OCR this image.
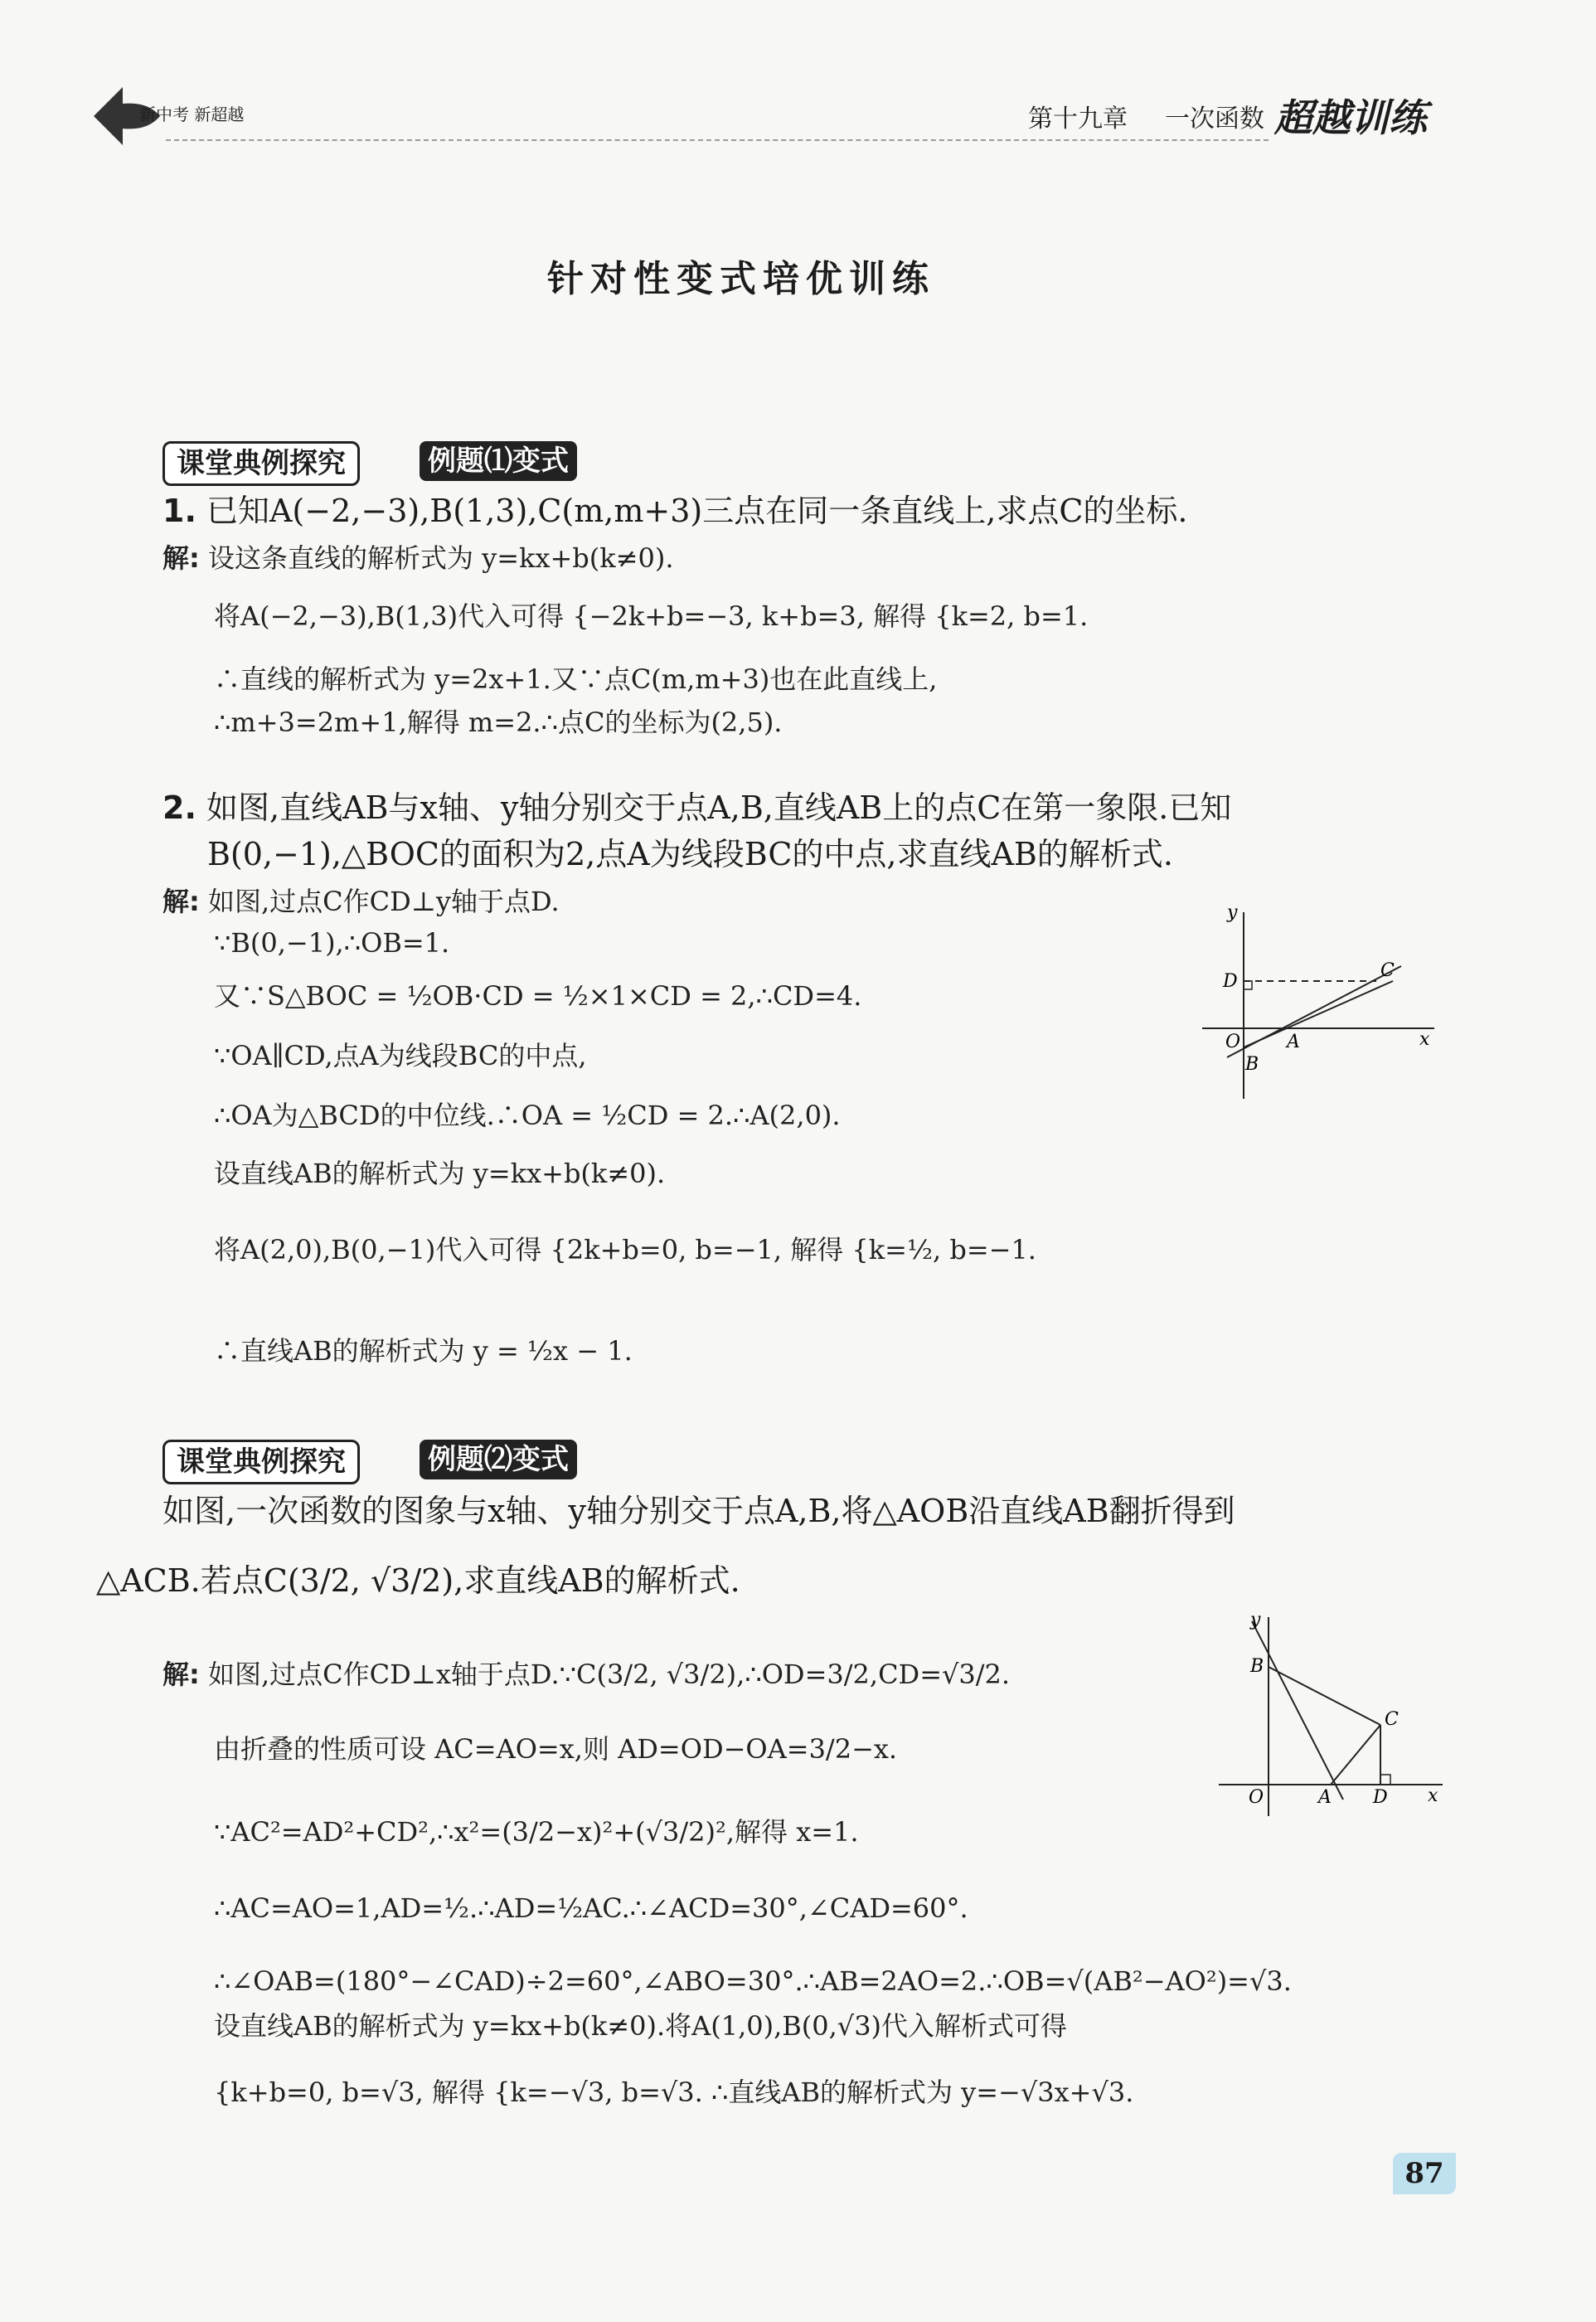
新中考 新超越	第十九章 一次函数 超越训练
针对性变式培优训练
课堂典例探究	例题⑴变式
1. 已知A(−2,−3),B(1,3),C(m,m+3)三点在同一条直线上,求点C的坐标.
解: 设这条直线的解析式为 y=kx+b(k≠0).
将A(−2,−3),B(1,3)代入可得 {−2k+b=−3, k+b=3, 解得 {k=2, b=1.
∴直线的解析式为 y=2x+1.又∵点C(m,m+3)也在此直线上,
∴m+3=2m+1,解得 m=2.∴点C的坐标为(2,5).
2. 如图,直线AB与x轴、y轴分别交于点A,B,直线AB上的点C在第一象限.已知
B(0,−1),△BOC的面积为2,点A为线段BC的中点,求直线AB的解析式.
解: 如图,过点C作CD⊥y轴于点D.
∵B(0,−1),∴OB=1.
又∵S△BOC = ½OB·CD = ½×1×CD = 2,∴CD=4.
∵OA∥CD,点A为线段BC的中点,
∴OA为△BCD的中位线.∴OA = ½CD = 2.∴A(2,0).
设直线AB的解析式为 y=kx+b(k≠0).
将A(2,0),B(0,−1)代入可得 {2k+b=0, b=−1, 解得 {k=½, b=−1.
∴直线AB的解析式为 y = ½x − 1.
y
x
O	A
B
C
D
课堂典例探究	例题⑵变式
如图,一次函数的图象与x轴、y轴分别交于点A,B,将△AOB沿直线AB翻折得到
△ACB.若点C(3/2, √3/2),求直线AB的解析式.
解: 如图,过点C作CD⊥x轴于点D.∵C(3/2, √3/2),∴OD=3/2,CD=√3/2.
由折叠的性质可设 AC=AO=x,则 AD=OD−OA=3/2−x.
∵AC²=AD²+CD²,∴x²=(3/2−x)²+(√3/2)²,解得 x=1.
∴AC=AO=1,AD=½.∴AD=½AC.∴∠ACD=30°,∠CAD=60°.
∴∠OAB=(180°−∠CAD)÷2=60°,∠ABO=30°.∴AB=2AO=2.∴OB=√(AB²−AO²)=√3.
设直线AB的解析式为 y=kx+b(k≠0).将A(1,0),B(0,√3)代入解析式可得
{k+b=0, b=√3, 解得 {k=−√3, b=√3. ∴直线AB的解析式为 y=−√3x+√3.
y
x
O	A
B
C
D
87
